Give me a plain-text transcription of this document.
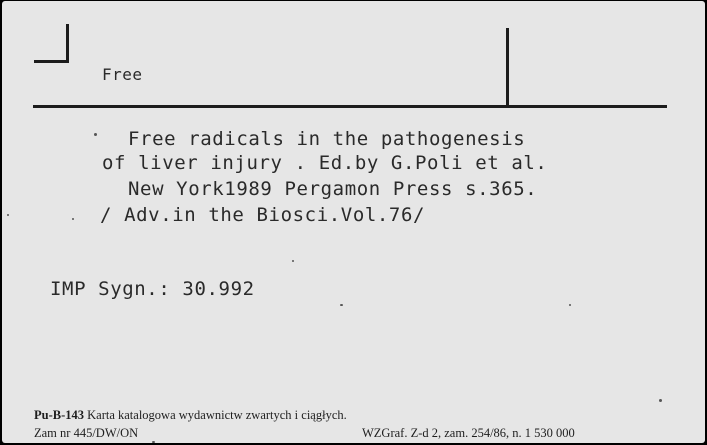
Free
Free radicals in the pathogenesis
of liver injury . Ed.by G.Poli et al.
New York1989 Pergamon Press s.365.
/ Adv.in the Biosci.Vol.76/
IMP Sygn.: 30.992
Pu-B-143 Karta katalogowa wydawnictw zwartych i ciągłych.
Zam nr 445/DW/ON	WZGraf. Z-d 2, zam. 254/86, n. 1 530 000
